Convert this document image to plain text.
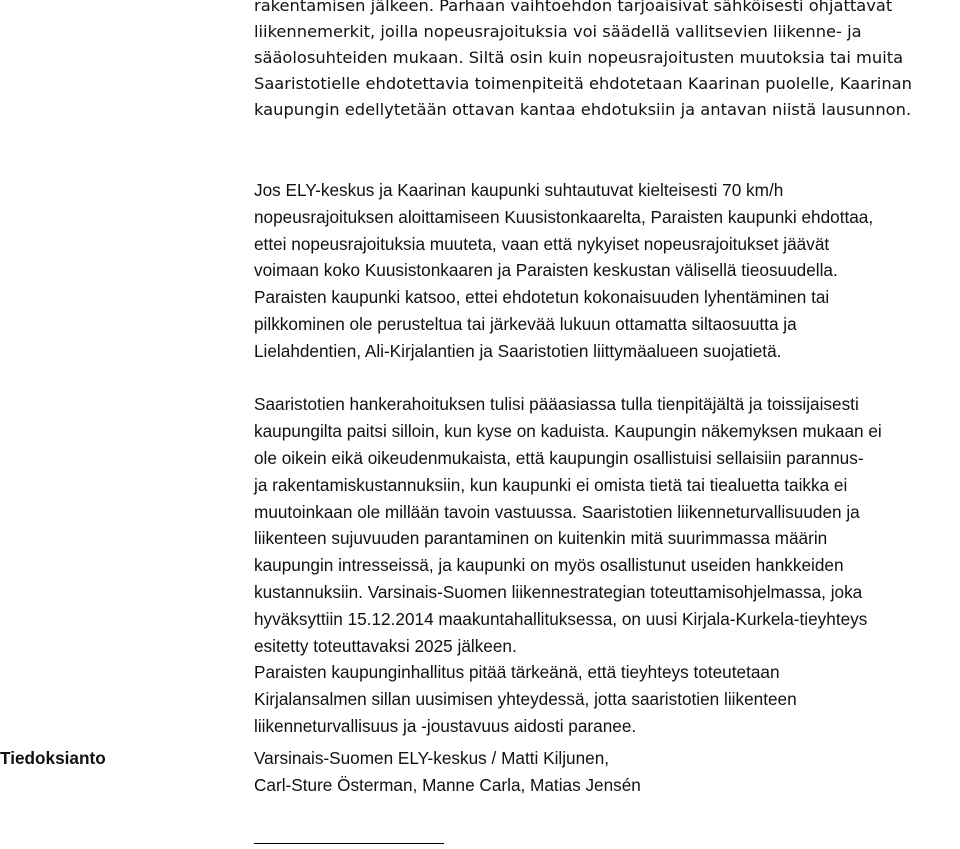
rakentamisen jälkeen. Parhaan vaihtoehdon tarjoaisivat sähköisesti ohjattavat

liikennemerkit, joilla nopeusrajoituksia voi säädellä vallitsevien liikenne- ja

sääolosuhteiden mukaan. Siltä osin kuin nopeusrajoitusten muutoksia tai muita

Saaristotielle ehdotettavia toimenpiteitä ehdotetaan Kaarinan puolelle, Kaarinan

kaupungin edellytetään ottavan kantaa ehdotuksiin ja antavan niistä lausunnon.

Jos ELY-keskus ja Kaarinan kaupunki suhtautuvat kielteisesti 70 km/h

nopeusrajoituksen aloittamiseen Kuusistonkaarelta, Paraisten kaupunki ehdottaa,

ettei nopeusrajoituksia muuteta, vaan että nykyiset nopeusrajoitukset jäävät

voimaan koko Kuusistonkaaren ja Paraisten keskustan välisellä tieosuudella.

Paraisten kaupunki katsoo, ettei ehdotetun kokonaisuuden lyhentäminen tai

pilkkominen ole perusteltua tai järkevää lukuun ottamatta siltaosuutta ja

Lielahdentien, Ali-Kirjalantien ja Saaristotien liittymäalueen suojatietä.

Saaristotien hankerahoituksen tulisi pääasiassa tulla tienpitäjältä ja toissijaisesti

kaupungilta paitsi silloin, kun kyse on kaduista. Kaupungin näkemyksen mukaan ei

ole oikein eikä oikeudenmukaista, että kaupungin osallistuisi sellaisiin parannus-

ja rakentamiskustannuksiin, kun kaupunki ei omista tietä tai tiealuetta taikka ei

muutoinkaan ole millään tavoin vastuussa. Saaristotien liikenneturvallisuuden ja

liikenteen sujuvuuden parantaminen on kuitenkin mitä suurimmassa määrin

kaupungin intresseissä, ja kaupunki on myös osallistunut useiden hankkeiden

kustannuksiin. Varsinais-Suomen liikennestrategian toteuttamisohjelmassa, joka

hyväksyttiin 15.12.2014 maakuntahallituksessa, on uusi Kirjala-Kurkela-tieyhteys

esitetty toteuttavaksi 2025 jälkeen.

Paraisten kaupunginhallitus pitää tärkeänä, että tieyhteys toteutetaan

Kirjalansalmen sillan uusimisen yhteydessä, jotta saaristotien liikenteen

liikenneturvallisuus ja -joustavuus aidosti paranee.

Tiedoksianto	Varsinais-Suomen ELY-keskus / Matti Kiljunen,

Carl-Sture Österman, Manne Carla, Matias Jensén
